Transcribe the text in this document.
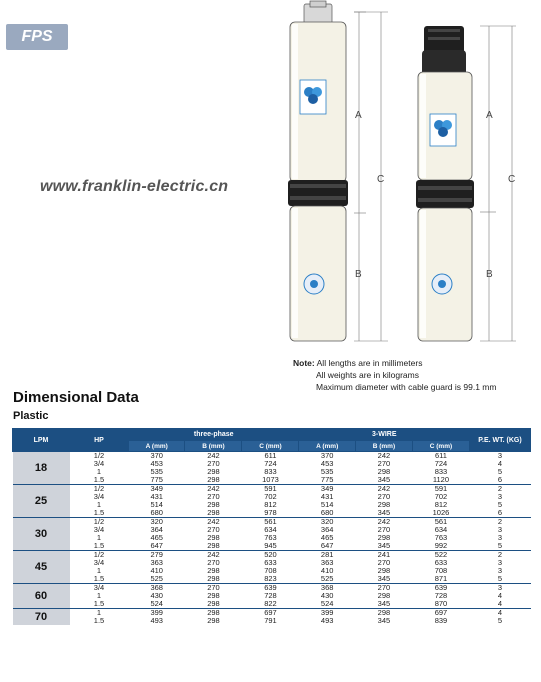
FPS
www.franklin-electric.cn
A
B
C
A
B
C
Note: All lengths are in millimeters
All weights are in kilograms
Maximum diameter with cable guard is 99.1 mm
Dimensional Data
Plastic
LPM	HP	three-phase			3-WIRE			P.E. WT. (KG)
		A (mm)	B (mm)	C (mm)	A (mm)	B (mm)	C (mm)	
18	1/2	370	242	611	370	242	611	3
	3/4	453	270	724	453	270	724	4
	1	535	298	833	535	298	833	5
	1.5	775	298	1073	775	345	1120	6
25	1/2	349	242	591	349	242	591	2
	3/4	431	270	702	431	270	702	3
	1	514	298	812	514	298	812	5
	1.5	680	298	978	680	345	1026	6
30	1/2	320	242	561	320	242	561	2
	3/4	364	270	634	364	270	634	3
	1	465	298	763	465	298	763	3
	1.5	647	298	945	647	345	992	5
45	1/2	279	242	520	281	241	522	2
	3/4	363	270	633	363	270	633	3
	1	410	298	708	410	298	708	3
	1.5	525	298	823	525	345	871	5
60	3/4	368	270	639	368	270	639	3
	1	430	298	728	430	298	728	4
	1.5	524	298	822	524	345	870	4
70	1	399	298	697	399	298	697	4
	1.5	493	298	791	493	345	839	5
